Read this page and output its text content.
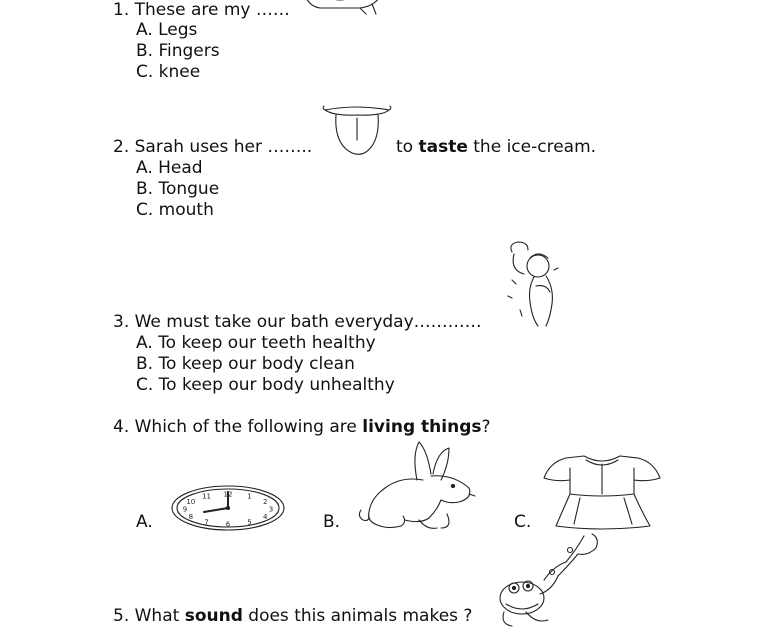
1. These are my ……
A. Legs
B. Fingers
C. knee
2. Sarah uses her ……..	to taste the ice-cream.
A. Head
B. Tongue
C. mouth
3. We must take our bath everyday…………
A. To keep our teeth healthy
B. To keep our body clean
C. To keep our body unhealthy
4. Which of the following are living things?
A.
12 1
2
3
4
5
6
7
8
9
10
11
B.	C.
5. What sound does this animals makes ?
